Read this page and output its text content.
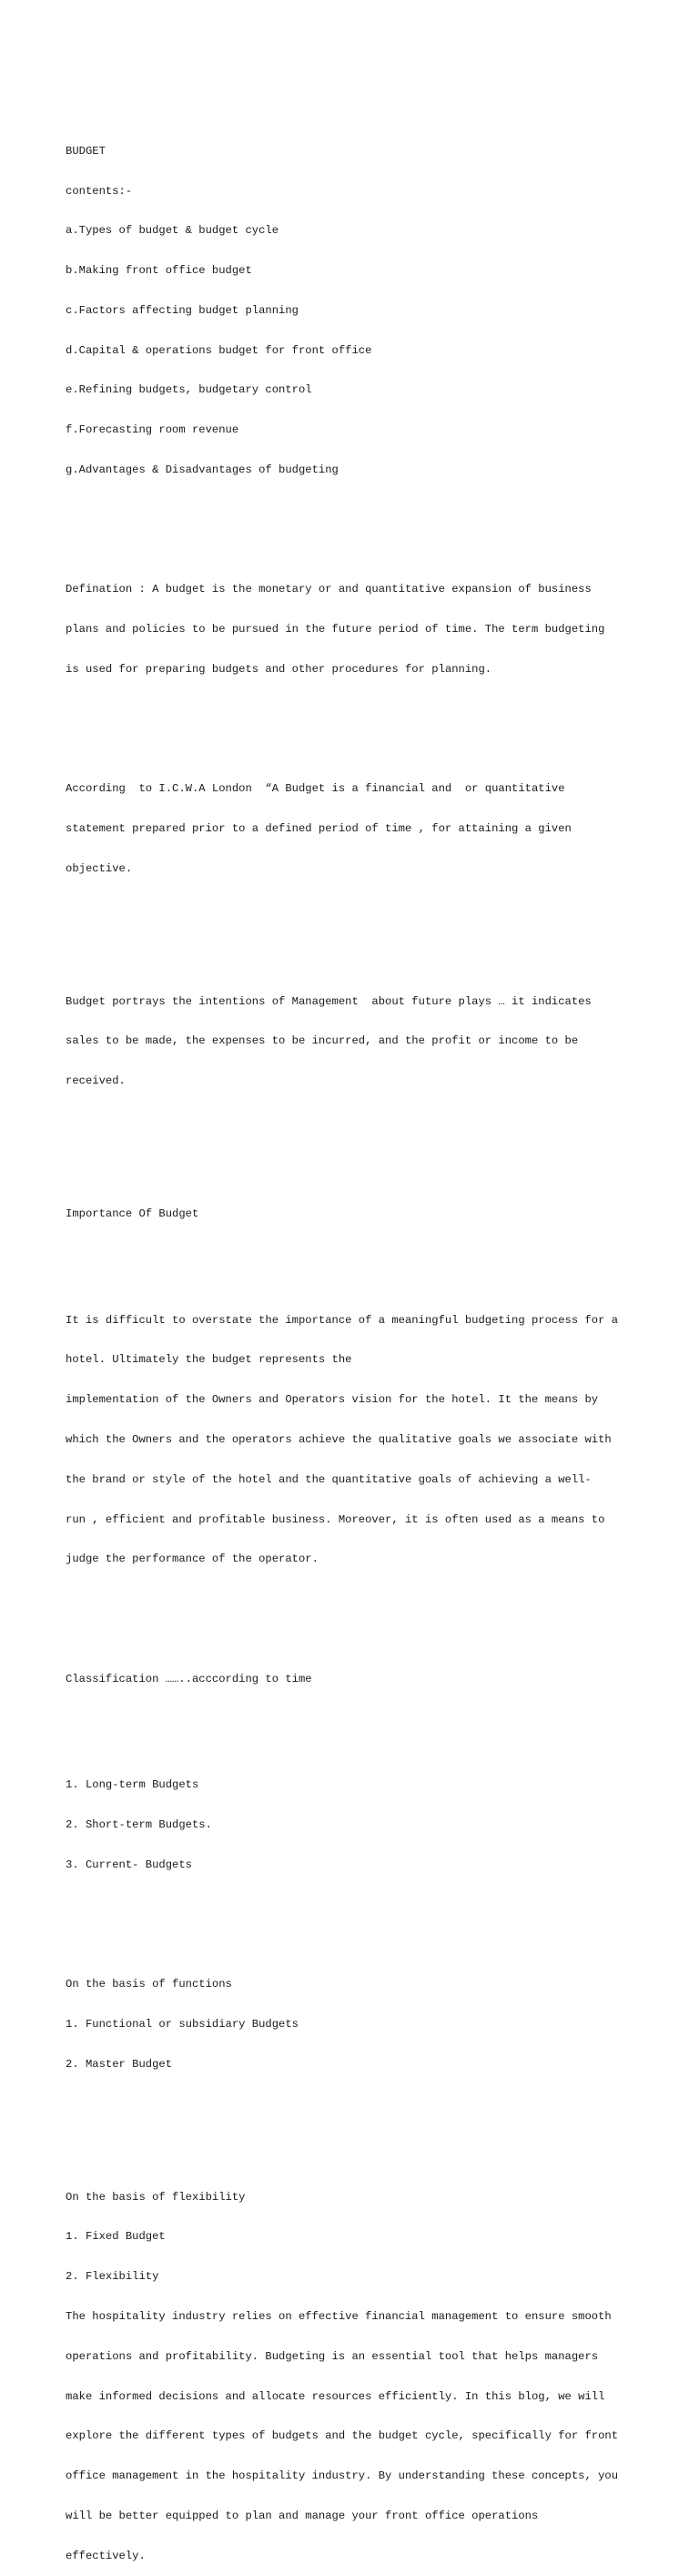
BUDGET

contents:-

a.Types of budget & budget cycle

b.Making front office budget

c.Factors affecting budget planning

d.Capital & operations budget for front office

e.Refining budgets, budgetary control

f.Forecasting room revenue

g.Advantages & Disadvantages of budgeting

Defination : A budget is the monetary or and quantitative expansion of business

plans and policies to be pursued in the future period of time. The term budgeting

is used for preparing budgets and other procedures for planning.

According  to I.C.W.A London  “A Budget is a financial and  or quantitative

statement prepared prior to a defined period of time , for attaining a given

objective.

Budget portrays the intentions of Management  about future plays … it indicates

sales to be made, the expenses to be incurred, and the profit or income to be

received.

Importance Of Budget

It is difficult to overstate the importance of a meaningful budgeting process for a

hotel. Ultimately the budget represents the

implementation of the Owners and Operators vision for the hotel. It the means by

which the Owners and the operators achieve the qualitative goals we associate with

the brand or style of the hotel and the quantitative goals of achieving a well-

run , efficient and profitable business. Moreover, it is often used as a means to

judge the performance of the operator.

Classification ……..acccording to time

1. Long-term Budgets

2. Short-term Budgets.

3. Current- Budgets

On the basis of functions

1. Functional or subsidiary Budgets

2. Master Budget

On the basis of flexibility

1. Fixed Budget

2. Flexibility

The hospitality industry relies on effective financial management to ensure smooth

operations and profitability. Budgeting is an essential tool that helps managers

make informed decisions and allocate resources efficiently. In this blog, we will

explore the different types of budgets and the budget cycle, specifically for front

office management in the hospitality industry. By understanding these concepts, you

will be better equipped to plan and manage your front office operations

effectively.
